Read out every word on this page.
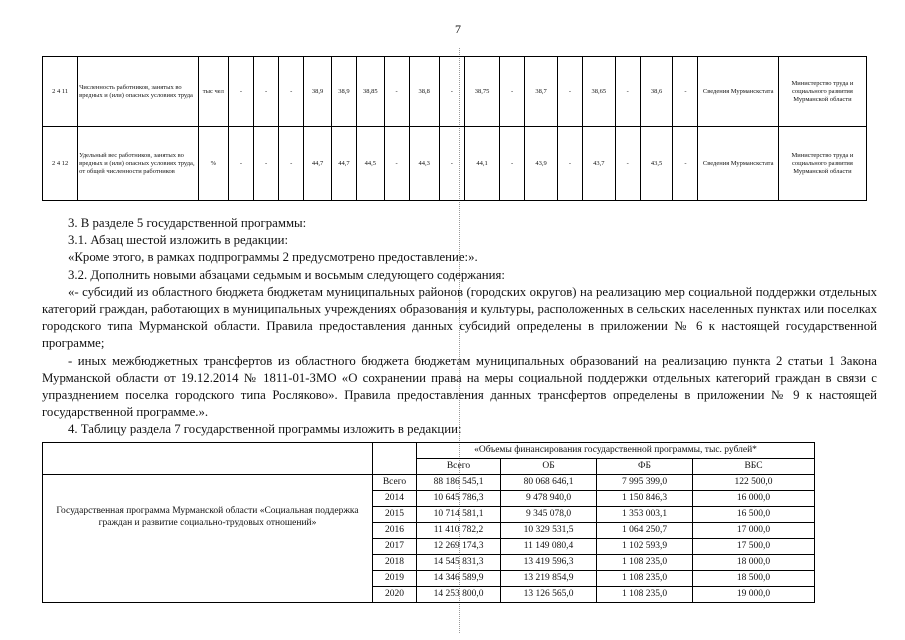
7
2 4 11	Численность работников, занятых во вредных и (или) опасных условиях труда	тыс чел	-	-	-	38,9	38,9	38,85	-	38,8	-	38,75	-	38,7	-	38,65	-	38,6	-	Сведения Мурманскстата	Министерство труда и социального развития Мурманской области
2 4 12	Удельный вес работников, занятых во вредных и (или) опасных условиях труда, от общей численности работников	%	-	-	-	44,7	44,7	44,5	-	44,3	-	44,1	-	43,9	-	43,7	-	43,5	-	Сведения Мурманскстата	Министерство труда и социального развития Мурманской области

3. В разделе 5 государственной программы:

3.1. Абзац шестой изложить в редакции:

«Кроме этого, в рамках подпрограммы 2 предусмотрено предоставление:».

3.2. Дополнить новыми абзацами седьмым и восьмым следующего содержания:

«- субсидий из областного бюджета бюджетам муниципальных районов (городских округов) на реализацию мер социальной поддержки отдельных категорий граждан, работающих в муниципальных учреждениях образования и культуры, расположенных в сельских населенных пунктах или поселках городского типа Мурманской области. Правила предоставления данных субсидий определены в приложении № 6 к настоящей государственной программе;

- иных межбюджетных трансфертов из областного бюджета бюджетам муниципальных образований на реализацию пункта 2 статьи 1 Закона Мурманской области от 19.12.2014 № 1811-01-ЗМО «О сохранении права на меры социальной поддержки отдельных категорий граждан в связи с упразднением поселка городского типа Росляково». Правила предоставления данных трансфертов определены в приложении № 9 к настоящей государственной программе.».

4. Таблицу раздела 7 государственной программы изложить в редакции:

		«Объемы финансирования государственной программы, тыс. рублей*			
		Всего	ОБ	ФБ	ВБС
Государственная программа Мурманской области «Социальная поддержка граждан и развитие социально-трудовых отношений»	Всего	88 186 545,1	80 068 646,1	7 995 399,0	122 500,0
	2014	10 645 786,3	9 478 940,0	1 150 846,3	16 000,0
	2015	10 714 581,1	9 345 078,0	1 353 003,1	16 500,0
	2016	11 410 782,2	10 329 531,5	1 064 250,7	17 000,0
	2017	12 269 174,3	11 149 080,4	1 102 593,9	17 500,0
	2018	14 545 831,3	13 419 596,3	1 108 235,0	18 000,0
	2019	14 346 589,9	13 219 854,9	1 108 235,0	18 500,0
	2020	14 253 800,0	13 126 565,0	1 108 235,0	19 000,0
